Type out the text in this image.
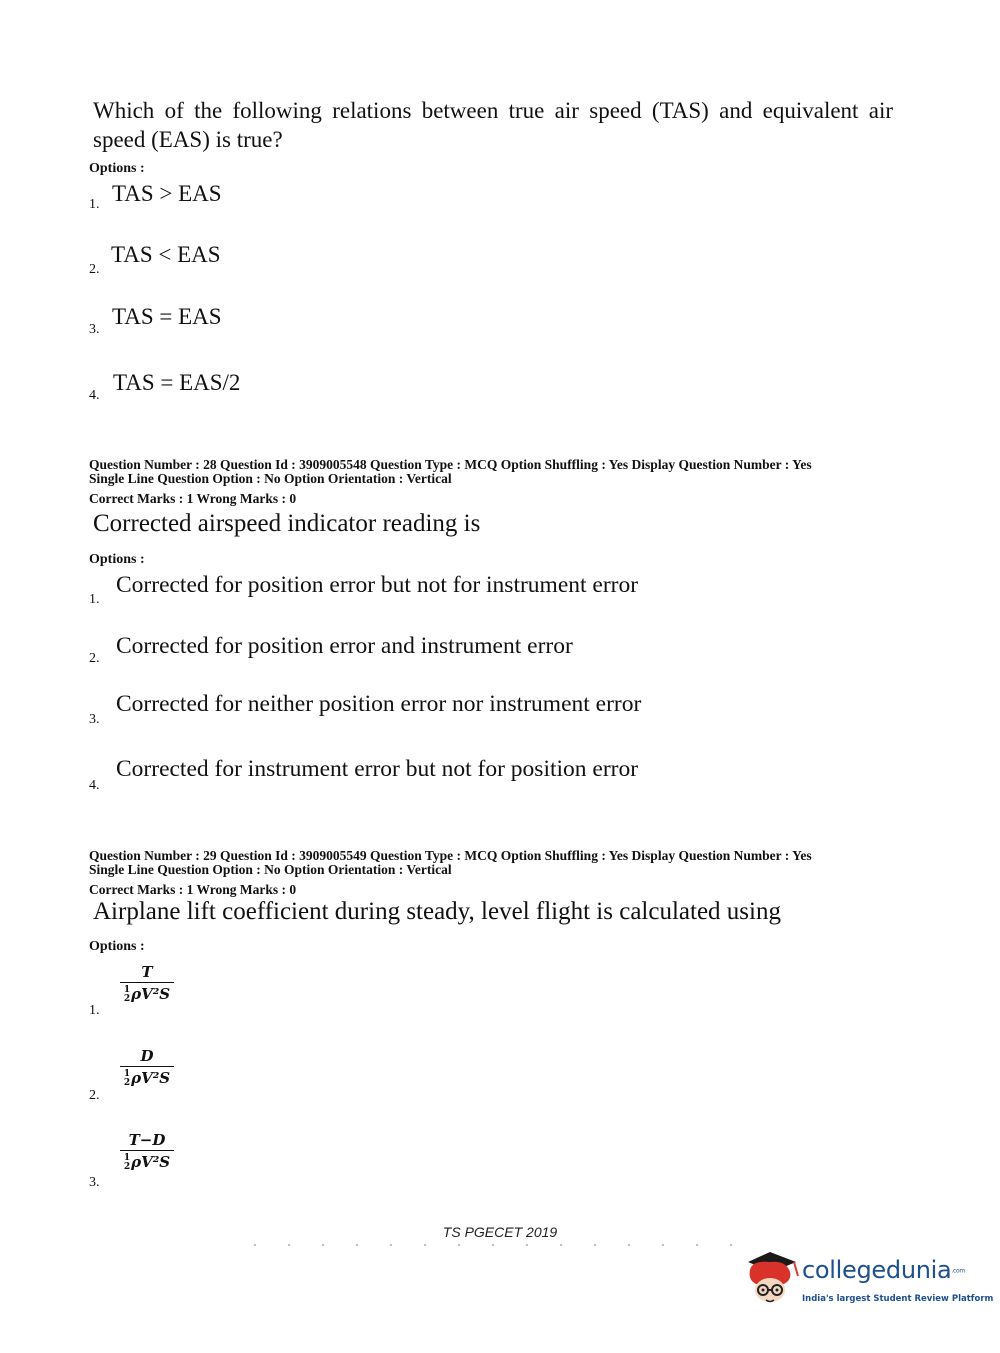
Which of the following relations between true air speed (TAS) and equivalent air speed (EAS) is true?
Options :
1. TAS > EAS
2.
TAS < EAS
3.
TAS = EAS
4.
TAS = EAS/2
Question Number : 28 Question Id : 3909005548 Question Type : MCQ Option Shuffling : Yes Display Question Number : Yes
Single Line Question Option : No Option Orientation : Vertical
Correct Marks : 1 Wrong Marks : 0
Corrected airspeed indicator reading is
Options :
1.
Corrected for position error but not for instrument error
2. Corrected for position error and instrument error
3.
Corrected for neither position error nor instrument error
4.
Corrected for instrument error but not for position error
Question Number : 29 Question Id : 3909005549 Question Type : MCQ Option Shuffling : Yes Display Question Number : Yes
Single Line Question Option : No Option Orientation : Vertical
Correct Marks : 1 Wrong Marks : 0
Airplane lift coefficient during steady, level flight is calculated using
Options :
1.
T
1
2 ρV²S
2.
D
1
2 ρV²S
3.
T−D
1
2 ρV²S
TS PGECET 2019
collegedunia.com
India's largest Student Review Platform
